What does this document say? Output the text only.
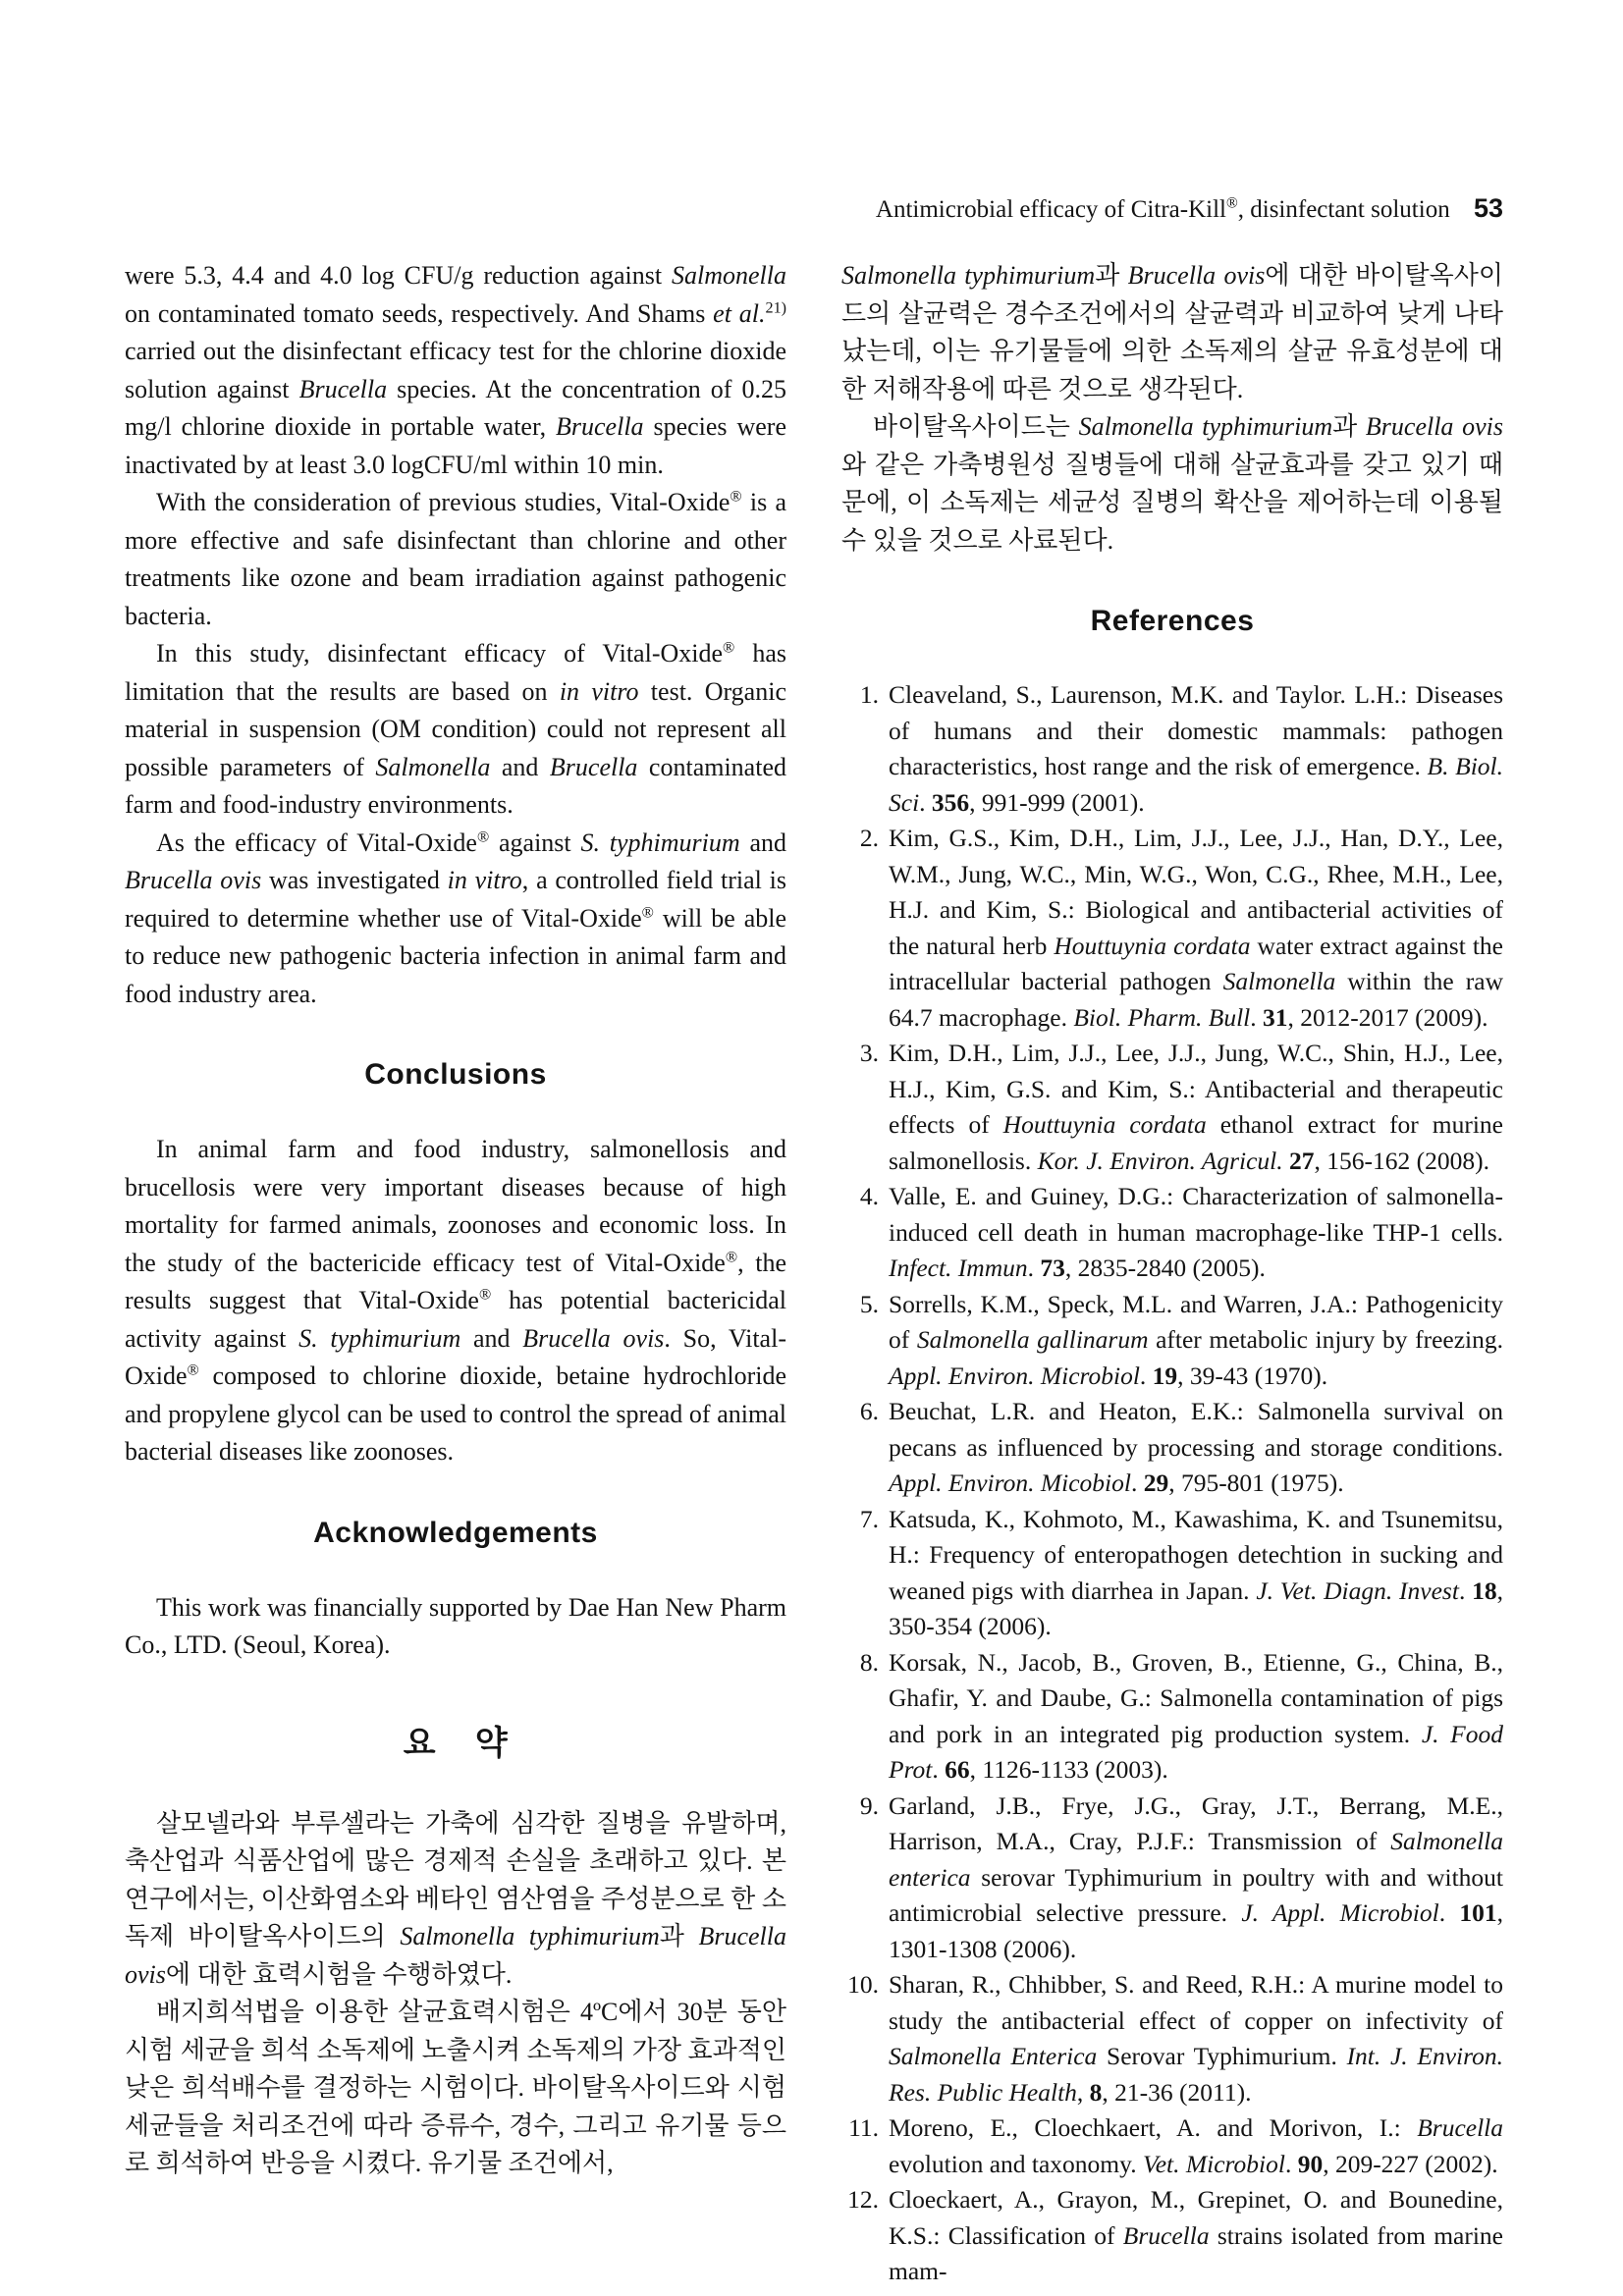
Antimicrobial efficacy of Citra-Kill®, disinfectant solution 53

were 5.3, 4.4 and 4.0 log CFU/g reduction against Salmonella on contaminated tomato seeds, respectively. And Shams et al.$^{21)}$ carried out the disinfectant efficacy test for the chlorine dioxide solution against Brucella species. At the concentration of 0.25 mg/l chlorine dioxide in portable water, Brucella species were inactivated by at least 3.0 logCFU/ml within 10 min.

With the consideration of previous studies, Vital-Oxide® is a more effective and safe disinfectant than chlorine and other treatments like ozone and beam irradiation against pathogenic bacteria.

In this study, disinfectant efficacy of Vital-Oxide® has limitation that the results are based on in vitro test. Organic material in suspension (OM condition) could not represent all possible parameters of Salmonella and Brucella contaminated farm and food-industry environments.

As the efficacy of Vital-Oxide® against S. typhimurium and Brucella ovis was investigated in vitro, a controlled field trial is required to determine whether use of Vital-Oxide® will be able to reduce new pathogenic bacteria infection in animal farm and food industry area.

Conclusions

In animal farm and food industry, salmonellosis and brucellosis were very important diseases because of high mortality for farmed animals, zoonoses and economic loss. In the study of the bactericide efficacy test of Vital-Oxide®, the results suggest that Vital-Oxide® has potential bactericidal activity against S. typhimurium and Brucella ovis. So, Vital-Oxide® composed to chlorine dioxide, betaine hydrochloride and propylene glycol can be used to control the spread of animal bacterial diseases like zoonoses.

Acknowledgements

This work was financially supported by Dae Han New Pharm Co., LTD. (Seoul, Korea).

요    약

살모넬라와 부루셀라는 가축에 심각한 질병을 유발하며, 축산업과 식품산업에 많은 경제적 손실을 초래하고 있다. 본 연구에서는, 이산화염소와 베타인 염산염을 주성분으로 한 소독제 바이탈옥사이드의 Salmonella typhimurium과 Brucella ovis에 대한 효력시험을 수행하였다.

배지희석법을 이용한 살균효력시험은 4ºC에서 30분 동안 시험 세균을 희석 소독제에 노출시켜 소독제의 가장 효과적인 낮은 희석배수를 결정하는 시험이다. 바이탈옥사이드와 시험 세균들을 처리조건에 따라 증류수, 경수, 그리고 유기물 등으로 희석하여 반응을 시켰다. 유기물 조건에서,

Salmonella typhimurium과 Brucella ovis에 대한 바이탈옥사이드의 살균력은 경수조건에서의 살균력과 비교하여 낮게 나타났는데, 이는 유기물들에 의한 소독제의 살균 유효성분에 대한 저해작용에 따른 것으로 생각된다.

바이탈옥사이드는 Salmonella typhimurium과 Brucella ovis와 같은 가축병원성 질병들에 대해 살균효과를 갖고 있기 때문에, 이 소독제는 세균성 질병의 확산을 제어하는데 이용될 수 있을 것으로 사료된다.

References
1. Cleaveland, S., Laurenson, M.K. and Taylor. L.H.: Diseases of humans and their domestic mammals: pathogen characteristics, host range and the risk of emergence. B. Biol. Sci. 356, 991-999 (2001).
2. Kim, G.S., Kim, D.H., Lim, J.J., Lee, J.J., Han, D.Y., Lee, W.M., Jung, W.C., Min, W.G., Won, C.G., Rhee, M.H., Lee, H.J. and Kim, S.: Biological and antibacterial activities of the natural herb Houttuynia cordata water extract against the intracellular bacterial pathogen Salmonella within the raw 64.7 macrophage. Biol. Pharm. Bull. 31, 2012-2017 (2009).
3. Kim, D.H., Lim, J.J., Lee, J.J., Jung, W.C., Shin, H.J., Lee, H.J., Kim, G.S. and Kim, S.: Antibacterial and therapeutic effects of Houttuynia cordata ethanol extract for murine salmonellosis. Kor. J. Environ. Agricul. 27, 156-162 (2008).
4. Valle, E. and Guiney, D.G.: Characterization of salmonella-induced cell death in human macrophage-like THP-1 cells. Infect. Immun. 73, 2835-2840 (2005).
5. Sorrells, K.M., Speck, M.L. and Warren, J.A.: Pathogenicity of Salmonella gallinarum after metabolic injury by freezing. Appl. Environ. Microbiol. 19, 39-43 (1970).
6. Beuchat, L.R. and Heaton, E.K.: Salmonella survival on pecans as influenced by processing and storage conditions. Appl. Environ. Micobiol. 29, 795-801 (1975).
7. Katsuda, K., Kohmoto, M., Kawashima, K. and Tsunemitsu, H.: Frequency of enteropathogen detechtion in sucking and weaned pigs with diarrhea in Japan. J. Vet. Diagn. Invest. 18, 350-354 (2006).
8. Korsak, N., Jacob, B., Groven, B., Etienne, G., China, B., Ghafir, Y. and Daube, G.: Salmonella contamination of pigs and pork in an integrated pig production system. J. Food Prot. 66, 1126-1133 (2003).
9. Garland, J.B., Frye, J.G., Gray, J.T., Berrang, M.E., Harrison, M.A., Cray, P.J.F.: Transmission of Salmonella enterica serovar Typhimurium in poultry with and without antimicrobial selective pressure. J. Appl. Microbiol. 101, 1301-1308 (2006).
10. Sharan, R., Chhibber, S. and Reed, R.H.: A murine model to study the antibacterial effect of copper on infectivity of Salmonella Enterica Serovar Typhimurium. Int. J. Environ. Res. Public Health, 8, 21-36 (2011).
11. Moreno, E., Cloechkaert, A. and Morivon, I.: Brucella evolution and taxonomy. Vet. Microbiol. 90, 209-227 (2002).
12. Cloeckaert, A., Grayon, M., Grepinet, O. and Bounedine, K.S.: Classification of Brucella strains isolated from marine mam-
